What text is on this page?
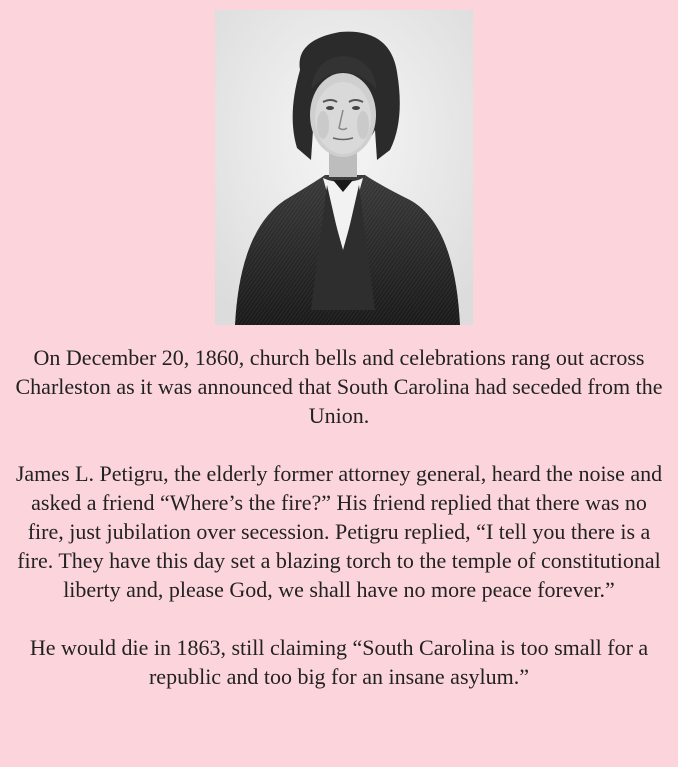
On December 20, 1860, church bells and celebrations rang out across Charleston as it was announced that South Carolina had seceded from the Union.

James L. Petigru, the elderly former attorney general, heard the noise and asked a friend “Where’s the fire?” His friend replied that there was no fire, just jubilation over secession. Petigru replied, “I tell you there is a fire. They have this day set a blazing torch to the temple of constitutional liberty and, please God, we shall have no more peace forever.”

He would die in 1863, still claiming “South Carolina is too small for a republic and too big for an insane asylum.”
